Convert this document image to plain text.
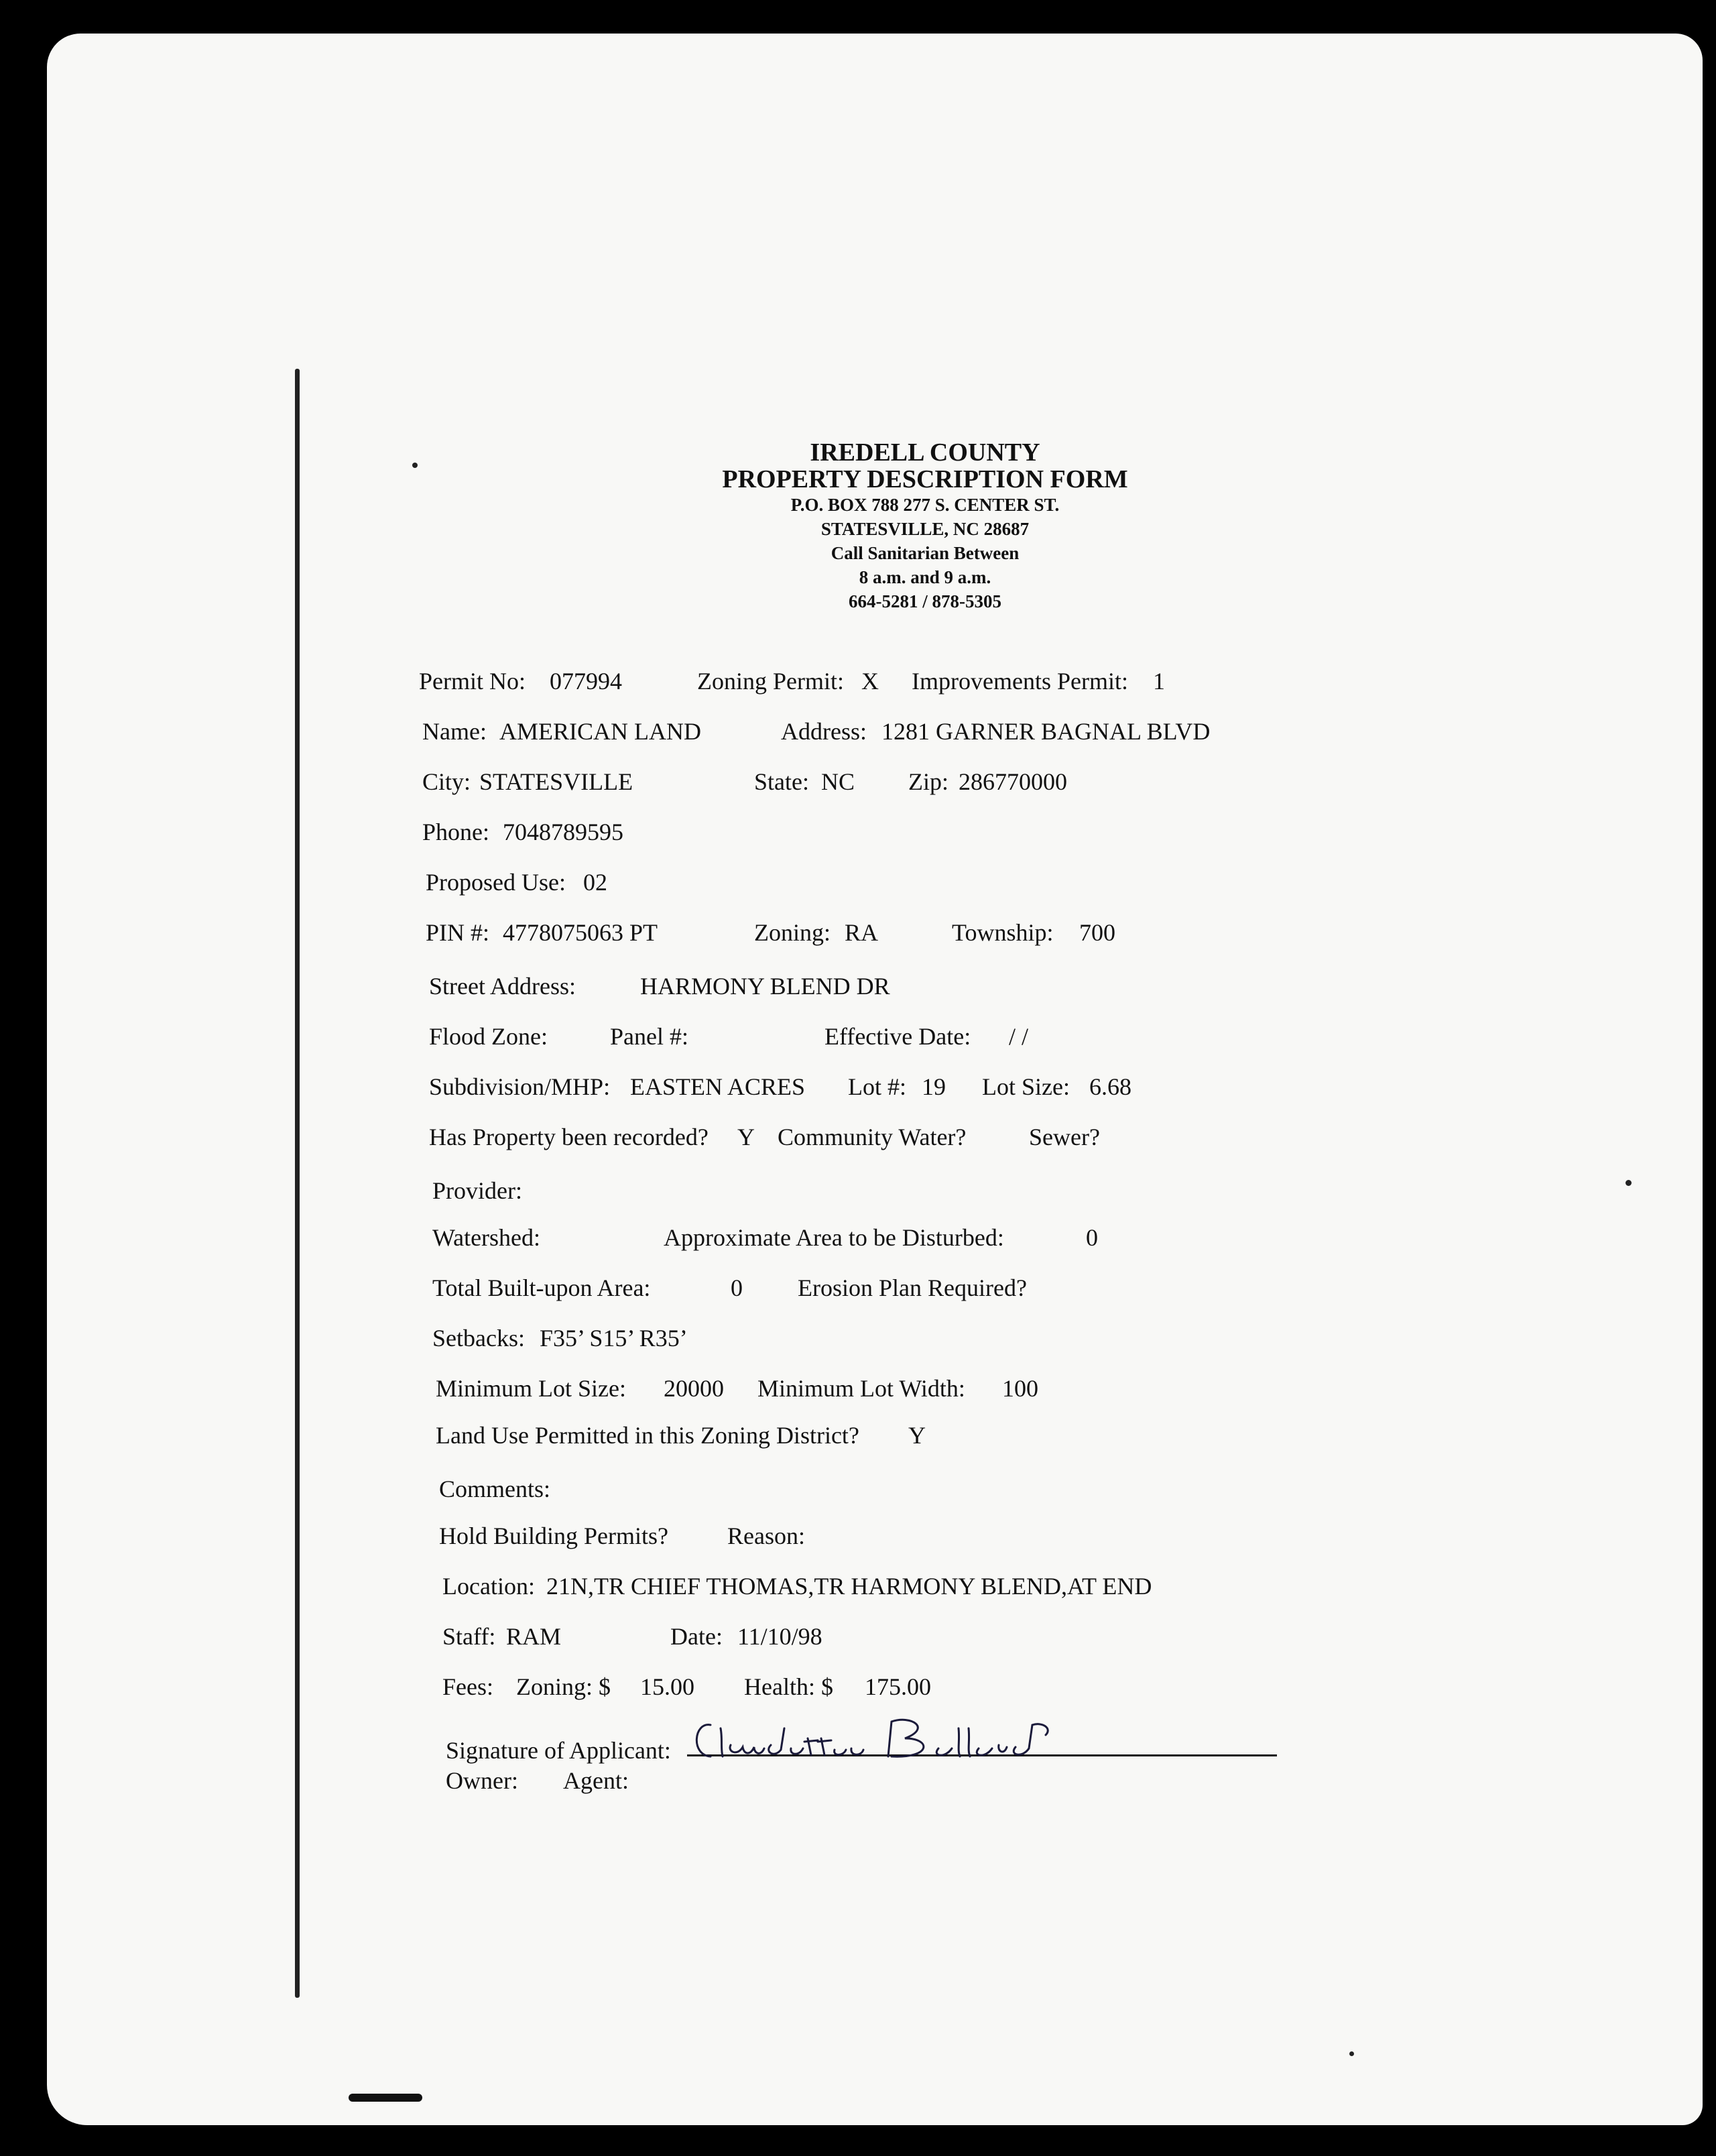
IREDELL COUNTY
PROPERTY DESCRIPTION FORM
P.O. BOX 788 277 S. CENTER ST.
STATESVILLE, NC 28687
Call Sanitarian Between
8 a.m. and 9 a.m.
664-5281 / 878-5305
Permit No: 077994	Zoning Permit: X Improvements Permit: 1
Name: AMERICAN LAND	Address: 1281 GARNER BAGNAL BLVD
City: STATESVILLE	State: NC Zip: 286770000
Phone: 7048789595
Proposed Use: 02
PIN #: 4778075063 PT	Zoning: RA	Township: 700
Street Address:	HARMONY BLEND DR
Flood Zone:	Panel #:	Effective Date: / /
Subdivision/MHP: EASTEN ACRES Lot #: 19 Lot Size: 6.68
Has Property been recorded? Y Community Water?	Sewer?
Provider:
Watershed:	Approximate Area to be Disturbed:	0
Total Built-upon Area:	0 Erosion Plan Required?
Setbacks: F35’ S15’ R35’
Minimum Lot Size: 20000 Minimum Lot Width: 100
Land Use Permitted in this Zoning District? Y
Comments:
Hold Building Permits? Reason:
Location: 21N,TR CHIEF THOMAS,TR HARMONY BLEND,AT END
Staff: RAM	Date: 11/10/98
Fees: Zoning: $ 15.00 Health: $ 175.00
Signature of Applicant:
Owner: Agent:
